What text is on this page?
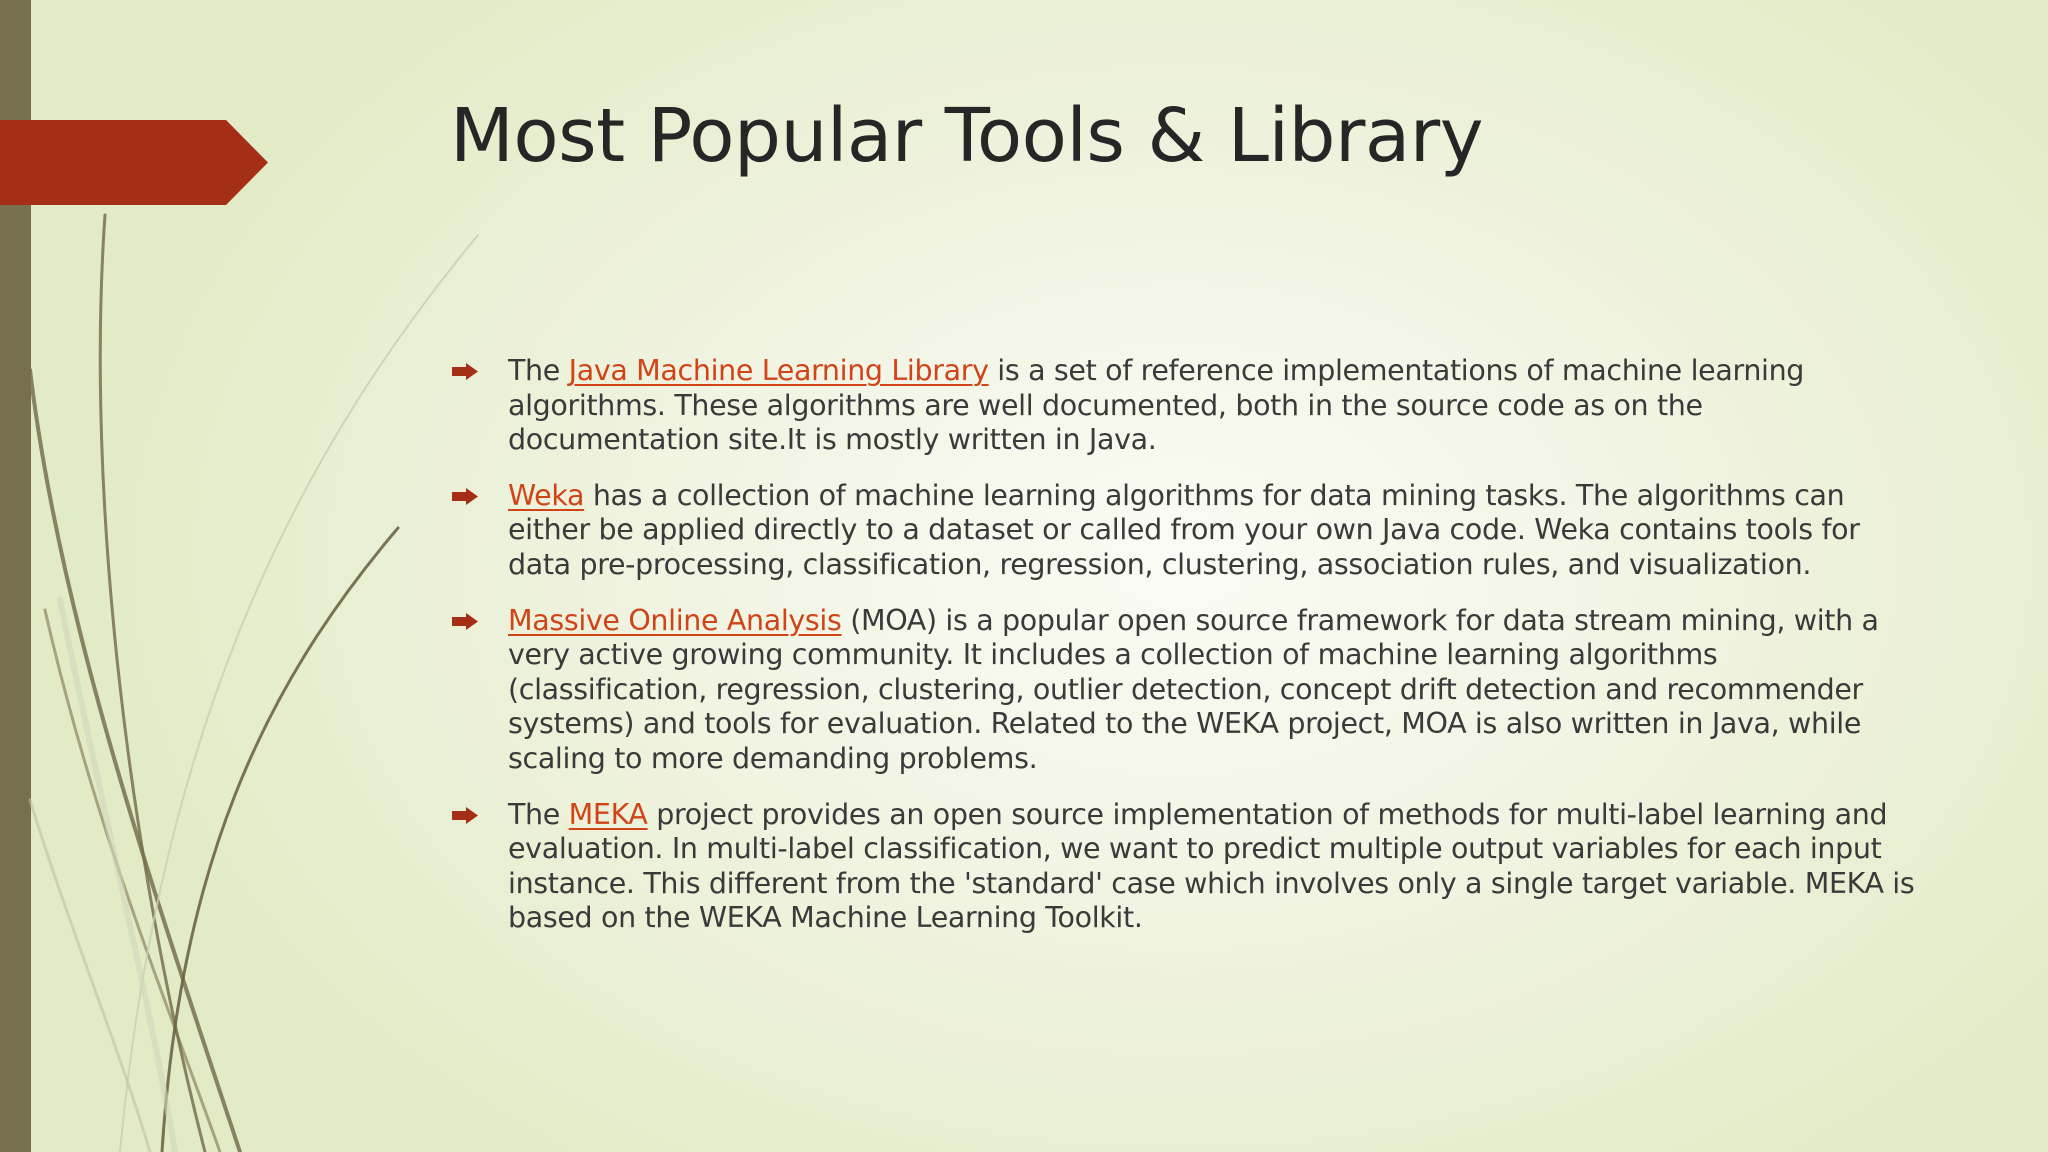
Most Popular Tools & Library
The Java Machine Learning Library is a set of reference implementations of machine learning algorithms. These algorithms are well documented, both in the source code as on the documentation site.It is mostly written in Java.
Weka has a collection of machine learning algorithms for data mining tasks. The algorithms can either be applied directly to a dataset or called from your own Java code. Weka contains tools for data pre-processing, classification, regression, clustering, association rules, and visualization.
Massive Online Analysis (MOA) is a popular open source framework for data stream mining, with a very active growing community. It includes a collection of machine learning algorithms (classification, regression, clustering, outlier detection, concept drift detection and recommender systems) and tools for evaluation. Related to the WEKA project, MOA is also written in Java, while scaling to more demanding problems.
The MEKA project provides an open source implementation of methods for multi-label learning and evaluation. In multi-label classification, we want to predict multiple output variables for each input instance. This different from the 'standard' case which involves only a single target variable. MEKA is based on the WEKA Machine Learning Toolkit.
